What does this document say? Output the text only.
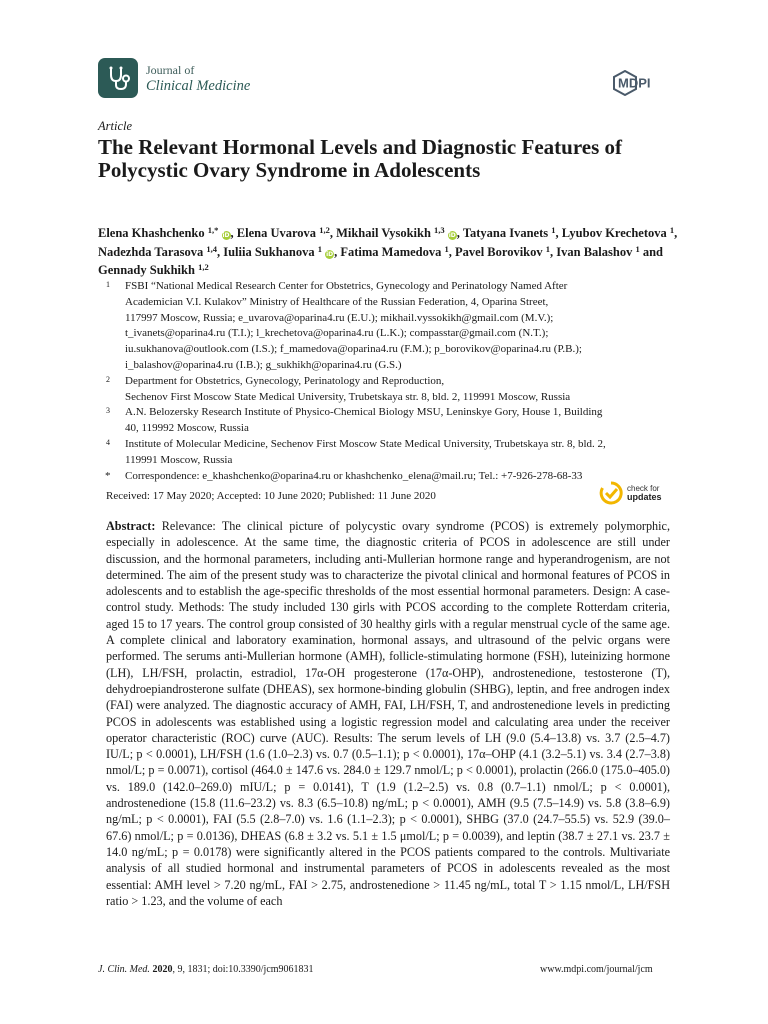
Journal of
Clinical Medicine	MDPI
Article
The Relevant Hormonal Levels and Diagnostic Features of Polycystic Ovary Syndrome in Adolescents
Elena Khashchenko $^{1,*}$ iD, Elena Uvarova $^{1,2}$, Mikhail Vysokikh $^{1,3}$ iD, Tatyana Ivanets $^1$, Lyubov Krechetova $^1$, Nadezhda Tarasova $^{1,4}$, Iuliia Sukhanova $^1$ iD, Fatima Mamedova $^1$, Pavel Borovikov $^1$, Ivan Balashov $^1$ and Gennady Sukhikh $^{1,2}$
1 FSBI “National Medical Research Center for Obstetrics, Gynecology and Perinatology Named After

Academician V.I. Kulakov” Ministry of Healthcare of the Russian Federation, 4, Oparina Street,

117997 Moscow, Russia; e_uvarova@oparina4.ru (E.U.); mikhail.vyssokikh@gmail.com (M.V.);

t_ivanets@oparina4.ru (T.I.); l_krechetova@oparina4.ru (L.K.); compasstar@gmail.com (N.T.);

iu.sukhanova@outlook.com (I.S.); f_mamedova@oparina4.ru (F.M.); p_borovikov@oparina4.ru (P.B.);

i_balashov@oparina4.ru (I.B.); g_sukhikh@oparina4.ru (G.S.)

2 Department for Obstetrics, Gynecology, Perinatology and Reproduction,

Sechenov First Moscow State Medical University, Trubetskaya str. 8, bld. 2, 119991 Moscow, Russia

3 A.N. Belozersky Research Institute of Physico-Chemical Biology MSU, Leninskye Gory, House 1, Building

40, 119992 Moscow, Russia

4 Institute of Molecular Medicine, Sechenov First Moscow State Medical University, Trubetskaya str. 8, bld. 2,

119991 Moscow, Russia

* Correspondence: e_khashchenko@oparina4.ru or khashchenko_elena@mail.ru; Tel.: +7-926-278-68-33

Received: 17 May 2020; Accepted: 10 June 2020; Published: 11 June 2020
check for
updates

Abstract: Relevance: The clinical picture of polycystic ovary syndrome (PCOS) is extremely polymorphic, especially in adolescence. At the same time, the diagnostic criteria of PCOS in adolescence are still under discussion, and the hormonal parameters, including anti-Mullerian hormone range and hyperandrogenism, are not determined. The aim of the present study was to characterize the pivotal clinical and hormonal features of PCOS in adolescents and to establish the age-specific thresholds of the most essential hormonal parameters. Design: A case-control study. Methods: The study included 130 girls with PCOS according to the complete Rotterdam criteria, aged 15 to 17 years. The control group consisted of 30 healthy girls with a regular menstrual cycle of the same age. A complete clinical and laboratory examination, hormonal assays, and ultrasound of the pelvic organs were performed. The serums anti-Mullerian hormone (AMH), follicle-stimulating hormone (FSH), luteinizing hormone (LH), LH/FSH, prolactin, estradiol, 17α-OH progesterone (17α-OHP), androstenedione, testosterone (T), dehydroepiandrosterone sulfate (DHEAS), sex hormone-binding globulin (SHBG), leptin, and free androgen index (FAI) were analyzed. The diagnostic accuracy of AMH, FAI, LH/FSH, T, and androstenedione levels in predicting PCOS in adolescents was established using a logistic regression model and calculating area under the receiver operator characteristic (ROC) curve (AUC). Results: The serum levels of LH (9.0 (5.4–13.8) vs. 3.7 (2.5–4.7) IU/L; p < 0.0001), LH/FSH (1.6 (1.0–2.3) vs. 0.7 (0.5–1.1); p < 0.0001), 17α–OHP (4.1 (3.2–5.1) vs. 3.4 (2.7–3.8) nmol/L; p = 0.0071), cortisol (464.0 ± 147.6 vs. 284.0 ± 129.7 nmol/L; p < 0.0001), prolactin (266.0 (175.0–405.0) vs. 189.0 (142.0–269.0) mIU/L; p = 0.0141), T (1.9 (1.2–2.5) vs. 0.8 (0.7–1.1) nmol/L; p < 0.0001), androstenedione (15.8 (11.6–23.2) vs. 8.3 (6.5–10.8) ng/mL; p < 0.0001), AMH (9.5 (7.5–14.9) vs. 5.8 (3.8–6.9) ng/mL; p < 0.0001), FAI (5.5 (2.8–7.0) vs. 1.6 (1.1–2.3); p < 0.0001), SHBG (37.0 (24.7–55.5) vs. 52.9 (39.0–67.6) nmol/L; p = 0.0136), DHEAS (6.8 ± 3.2 vs. 5.1 ± 1.5 μmol/L; p = 0.0039), and leptin (38.7 ± 27.1 vs. 23.7 ± 14.0 ng/mL; p = 0.0178) were significantly altered in the PCOS patients compared to the controls. Multivariate analysis of all studied hormonal and instrumental parameters of PCOS in adolescents revealed as the most essential: AMH level > 7.20 ng/mL, FAI > 2.75, androstenedione > 11.45 ng/mL, total T > 1.15 nmol/L, LH/FSH ratio > 1.23, and the volume of each

J. Clin. Med. 2020, 9, 1831; doi:10.3390/jcm9061831	www.mdpi.com/journal/jcm
